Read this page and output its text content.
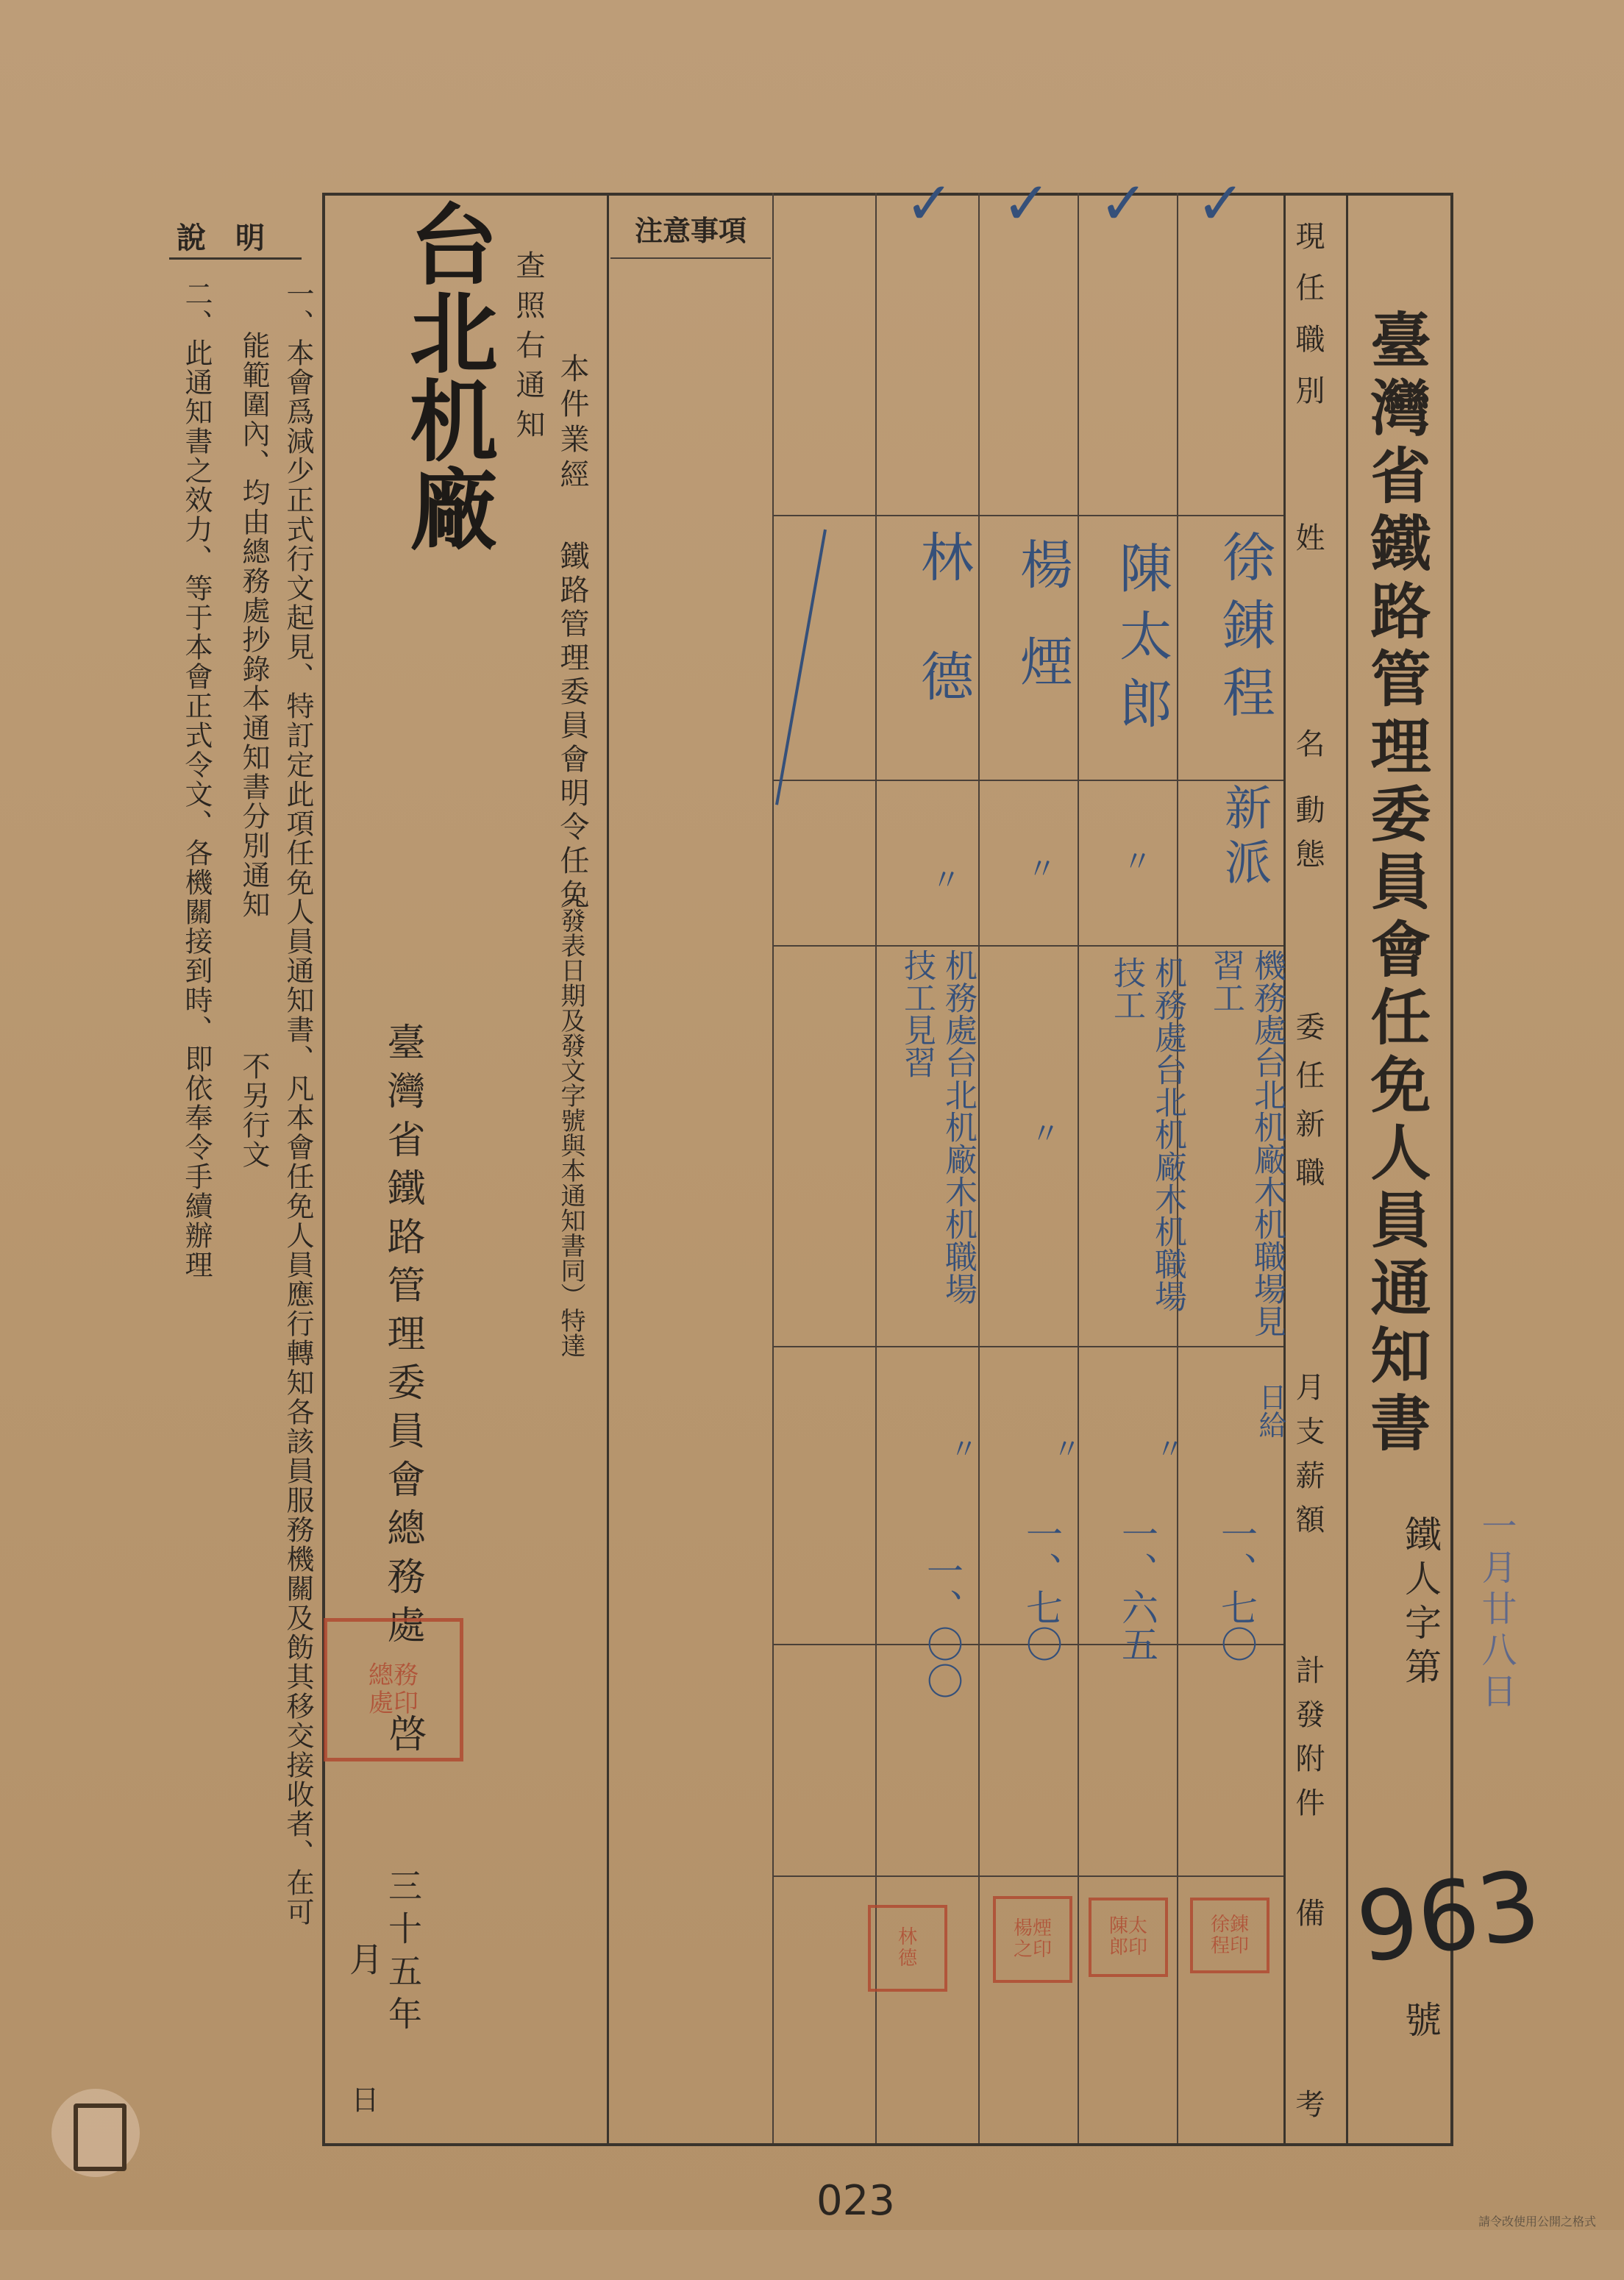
臺灣省鐵路管理委員會任免人員通知書
鐵人字第
963
號
現任職別
姓
名
動態
委任新職
月支薪額
計發附件
備考
✓✓✓✓
徐錬程
陳太郎
楊煙
林德
新派
〃
〃
〃
機務處台北机廠木机職場見習工
机務處台北机廠木机職場技工
〃
机務處台北机廠木机職場技工見習
日給
一、七〇
〃
一、六五
〃
一、七〇
〃
一、〇〇
徐錬
程印
陳太
郎印
楊煙
之印
林
德
注意事項
本件業經
鐵路管理委員會明令任免
（發表日期及發文字號與本通知書同）特達
查照右通知
台北机廠
臺灣省鐵路管理委員會總務處
啓
總務
處印
三十五年
月
日
說明
一、本會爲減少正式行文起見、特訂定此項任免人員通知書、凡本會任免人員應行轉知各該員服務機關及飭其移交接收者、在可
能範圍內、均由總務處抄錄本通知書分別通知
不另行文
二、此通知書之效力、等于本會正式令文、各機關接到時、即依奉令手續辦理
一月廿八日
023	請令改使用公開之格式
